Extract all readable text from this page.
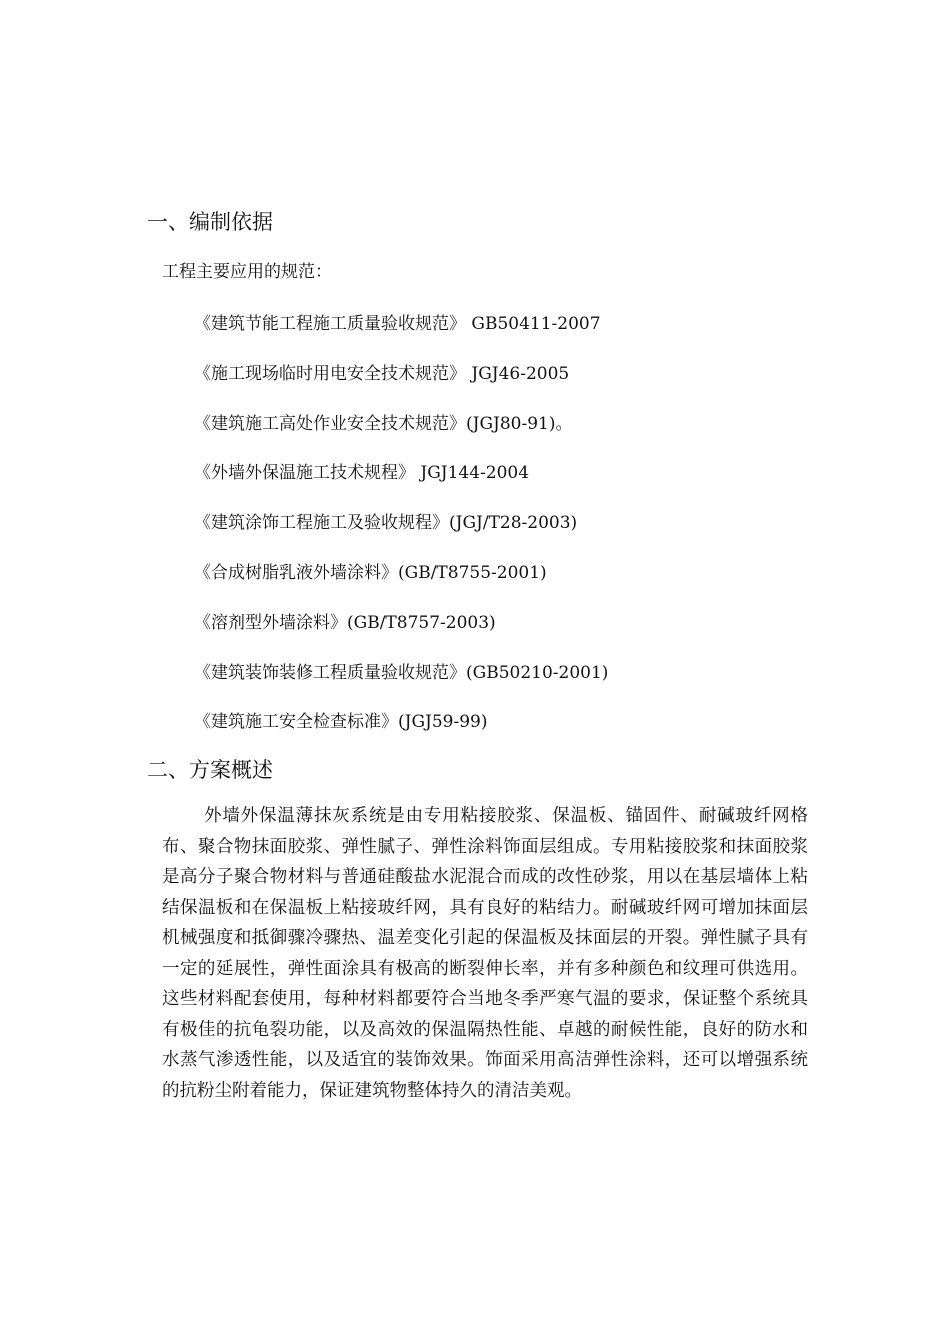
一、编制依据
工程主要应用的规范：
《建筑节能工程施工质量验收规范》 GB50411-2007
《施工现场临时用电安全技术规范》 JGJ46-2005
《建筑施工高处作业安全技术规范》(JGJ80-91)。
《外墙外保温施工技术规程》 JGJ144-2004
《建筑涂饰工程施工及验收规程》(JGJ/T28-2003)
《合成树脂乳液外墙涂料》(GB/T8755-2001)
《溶剂型外墙涂料》(GB/T8757-2003)
《建筑装饰装修工程质量验收规范》(GB50210-2001)
《建筑施工安全检查标准》(JGJ59-99)
二、方案概述

外墙外保温薄抹灰系统是由专用粘接胶浆、保温板、锚固件、耐碱玻纤网格布、聚合物抹面胶浆、弹性腻子、弹性涂料饰面层组成。专用粘接胶浆和抹面胶浆是高分子聚合物材料与普通硅酸盐水泥混合而成的改性砂浆，用以在基层墙体上粘结保温板和在保温板上粘接玻纤网，具有良好的粘结力。耐碱玻纤网可增加抹面层机械强度和抵御骤冷骤热、温差变化引起的保温板及抹面层的开裂。弹性腻子具有一定的延展性，弹性面涂具有极高的断裂伸长率，并有多种颜色和纹理可供选用。这些材料配套使用，每种材料都要符合当地冬季严寒气温的要求，保证整个系统具有极佳的抗龟裂功能，以及高效的保温隔热性能、卓越的耐候性能，良好的防水和水蒸气渗透性能，以及适宜的装饰效果。饰面采用高洁弹性涂料，还可以增强系统的抗粉尘附着能力，保证建筑物整体持久的清洁美观。
